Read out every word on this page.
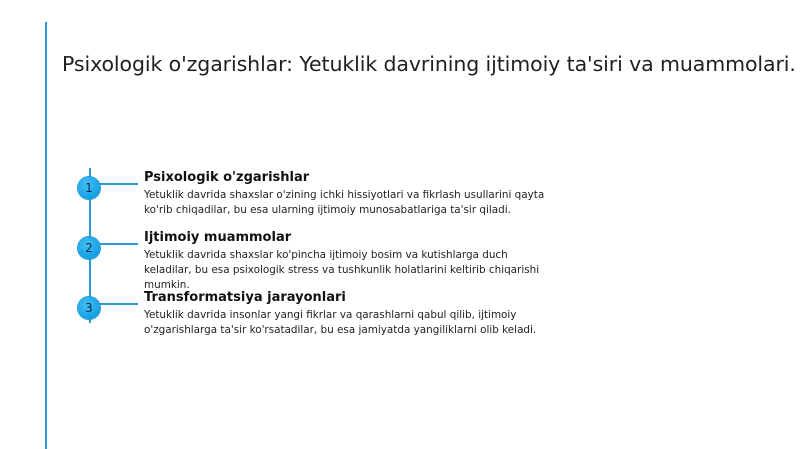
Psixologik o'zgarishlar: Yetuklik davrining ijtimoiy ta'siri va muammolari.
1
Psixologik o'zgarishlar
Yetuklik davrida shaxslar o'zining ichki hissiyotlari va fikrlash usullarini qayta ko'rib chiqadilar, bu esa ularning ijtimoiy munosabatlariga ta'sir qiladi.
2
Ijtimoiy muammolar
Yetuklik davrida shaxslar ko'pincha ijtimoiy bosim va kutishlarga duch keladilar, bu esa psixologik stress va tushkunlik holatlarini keltirib chiqarishi mumkin.
3
Transformatsiya jarayonlari
Yetuklik davrida insonlar yangi fikrlar va qarashlarni qabul qilib, ijtimoiy o'zgarishlarga ta'sir ko'rsatadilar, bu esa jamiyatda yangiliklarni olib keladi.
